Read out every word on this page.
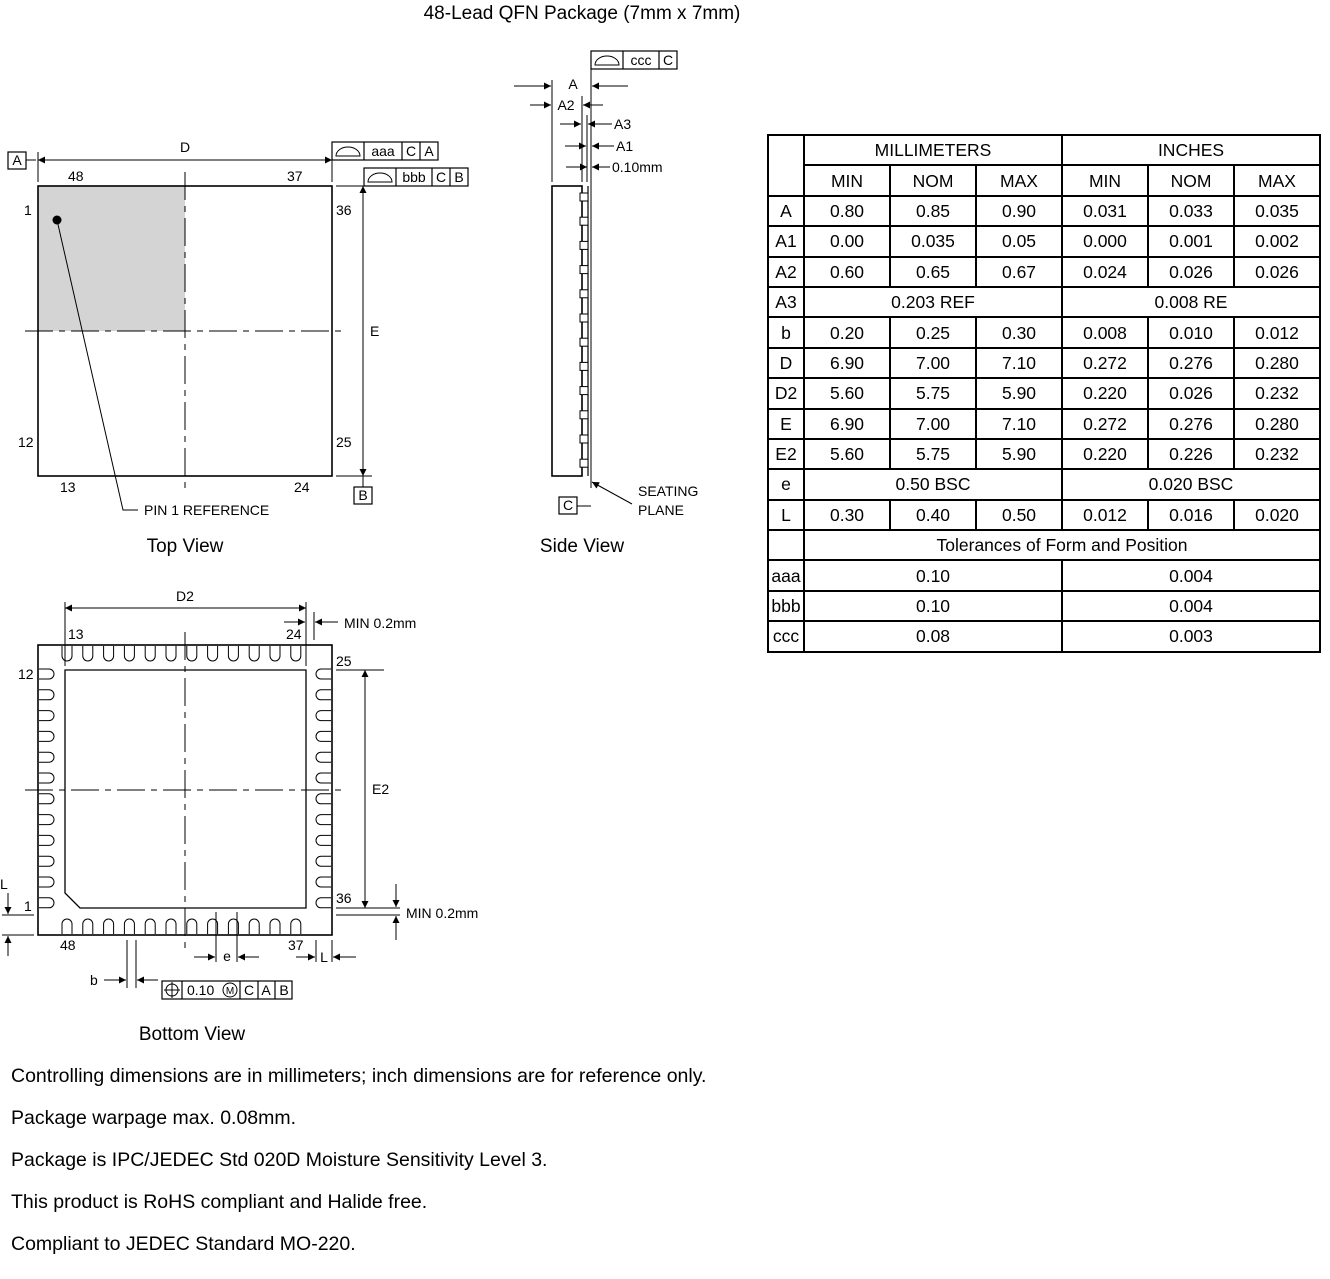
48-Lead QFN Package (7mm x 7mm)
PIN 1 REFERENCE
D
A
E
B
aaa C A
bbb C B
48	37
1	36
12	25
13	24
Top View
A
A2
A3
A1
0.10mm
ccc C
C
SEATING
PLANE
Side View
D2
MIN 0.2mm
E2
MIN 0.2mm
L
e	L
b
0.10 M C A B
13	24
12
25
1	36
48	37
Bottom View
	MILLIMETERS			INCHES		
	MIN	NOM	MAX	MIN	NOM	MAX
A	0.80	0.85	0.90	0.031	0.033	0.035
A1	0.00	0.035	0.05	0.000	0.001	0.002
A2	0.60	0.65	0.67	0.024	0.026	0.026
A3	0.203 REF			0.008 RE		
b	0.20	0.25	0.30	0.008	0.010	0.012
D	6.90	7.00	7.10	0.272	0.276	0.280
D2	5.60	5.75	5.90	0.220	0.026	0.232
E	6.90	7.00	7.10	0.272	0.276	0.280
E2	5.60	5.75	5.90	0.220	0.226	0.232
e	0.50 BSC			0.020 BSC		
L	0.30	0.40	0.50	0.012	0.016	0.020
	Tolerances of Form and Position					
aaa	0.10			0.004		
bbb	0.10			0.004		
ccc	0.08			0.003		

Controlling dimensions are in millimeters; inch dimensions are for reference only.

Package warpage max. 0.08mm.

Package is IPC/JEDEC Std 020D Moisture Sensitivity Level 3.

This product is RoHS compliant and Halide free.

Compliant to JEDEC Standard MO-220.
